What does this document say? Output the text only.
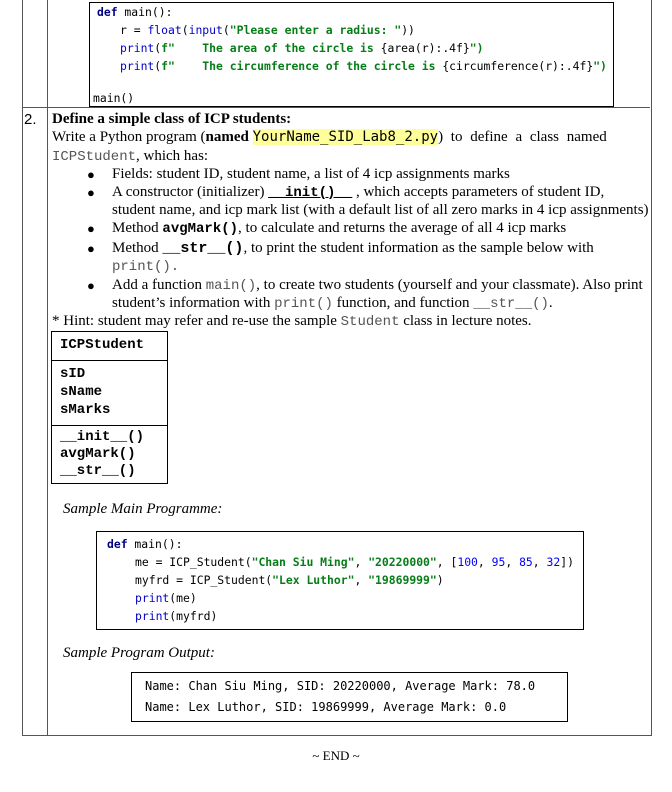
def main():
r = float(input("Please enter a radius: "))
print(f"    The area of the circle is {area(r):.4f}")
print(f"    The circumference of the circle is {circumference(r):.4f}")
main()
2. Define a simple class of ICP students:
Write a Python program (named YourName_SID_Lab8_2.py) to define a class named
ICPStudent, which has:
● Fields: student ID, student name, a list of 4 icp assignments marks
● A constructor (initializer) __init()__ , which accepts parameters of student ID,
student name, and icp mark list (with a default list of all zero marks in 4 icp assignments)
● Method avgMark(), to calculate and returns the average of all 4 icp marks
● Method __str__(), to print the student information as the sample below with
print().
● Add a function main(), to create two students (yourself and your classmate). Also print
student’s information with print() function, and function __str__().
* Hint: student may refer and re-use the sample Student class in lecture notes.
ICPStudent
sID
sName
sMarks
__init__()
avgMark()
__str__()
Sample Main Programme:
def main():
me = ICP_Student("Chan Siu Ming", "20220000", [100, 95, 85, 32])
myfrd = ICP_Student("Lex Luthor", "19869999")
print(me)
print(myfrd)
Sample Program Output:
Name: Chan Siu Ming, SID: 20220000, Average Mark: 78.0
Name: Lex Luthor, SID: 19869999, Average Mark: 0.0
~ END ~
